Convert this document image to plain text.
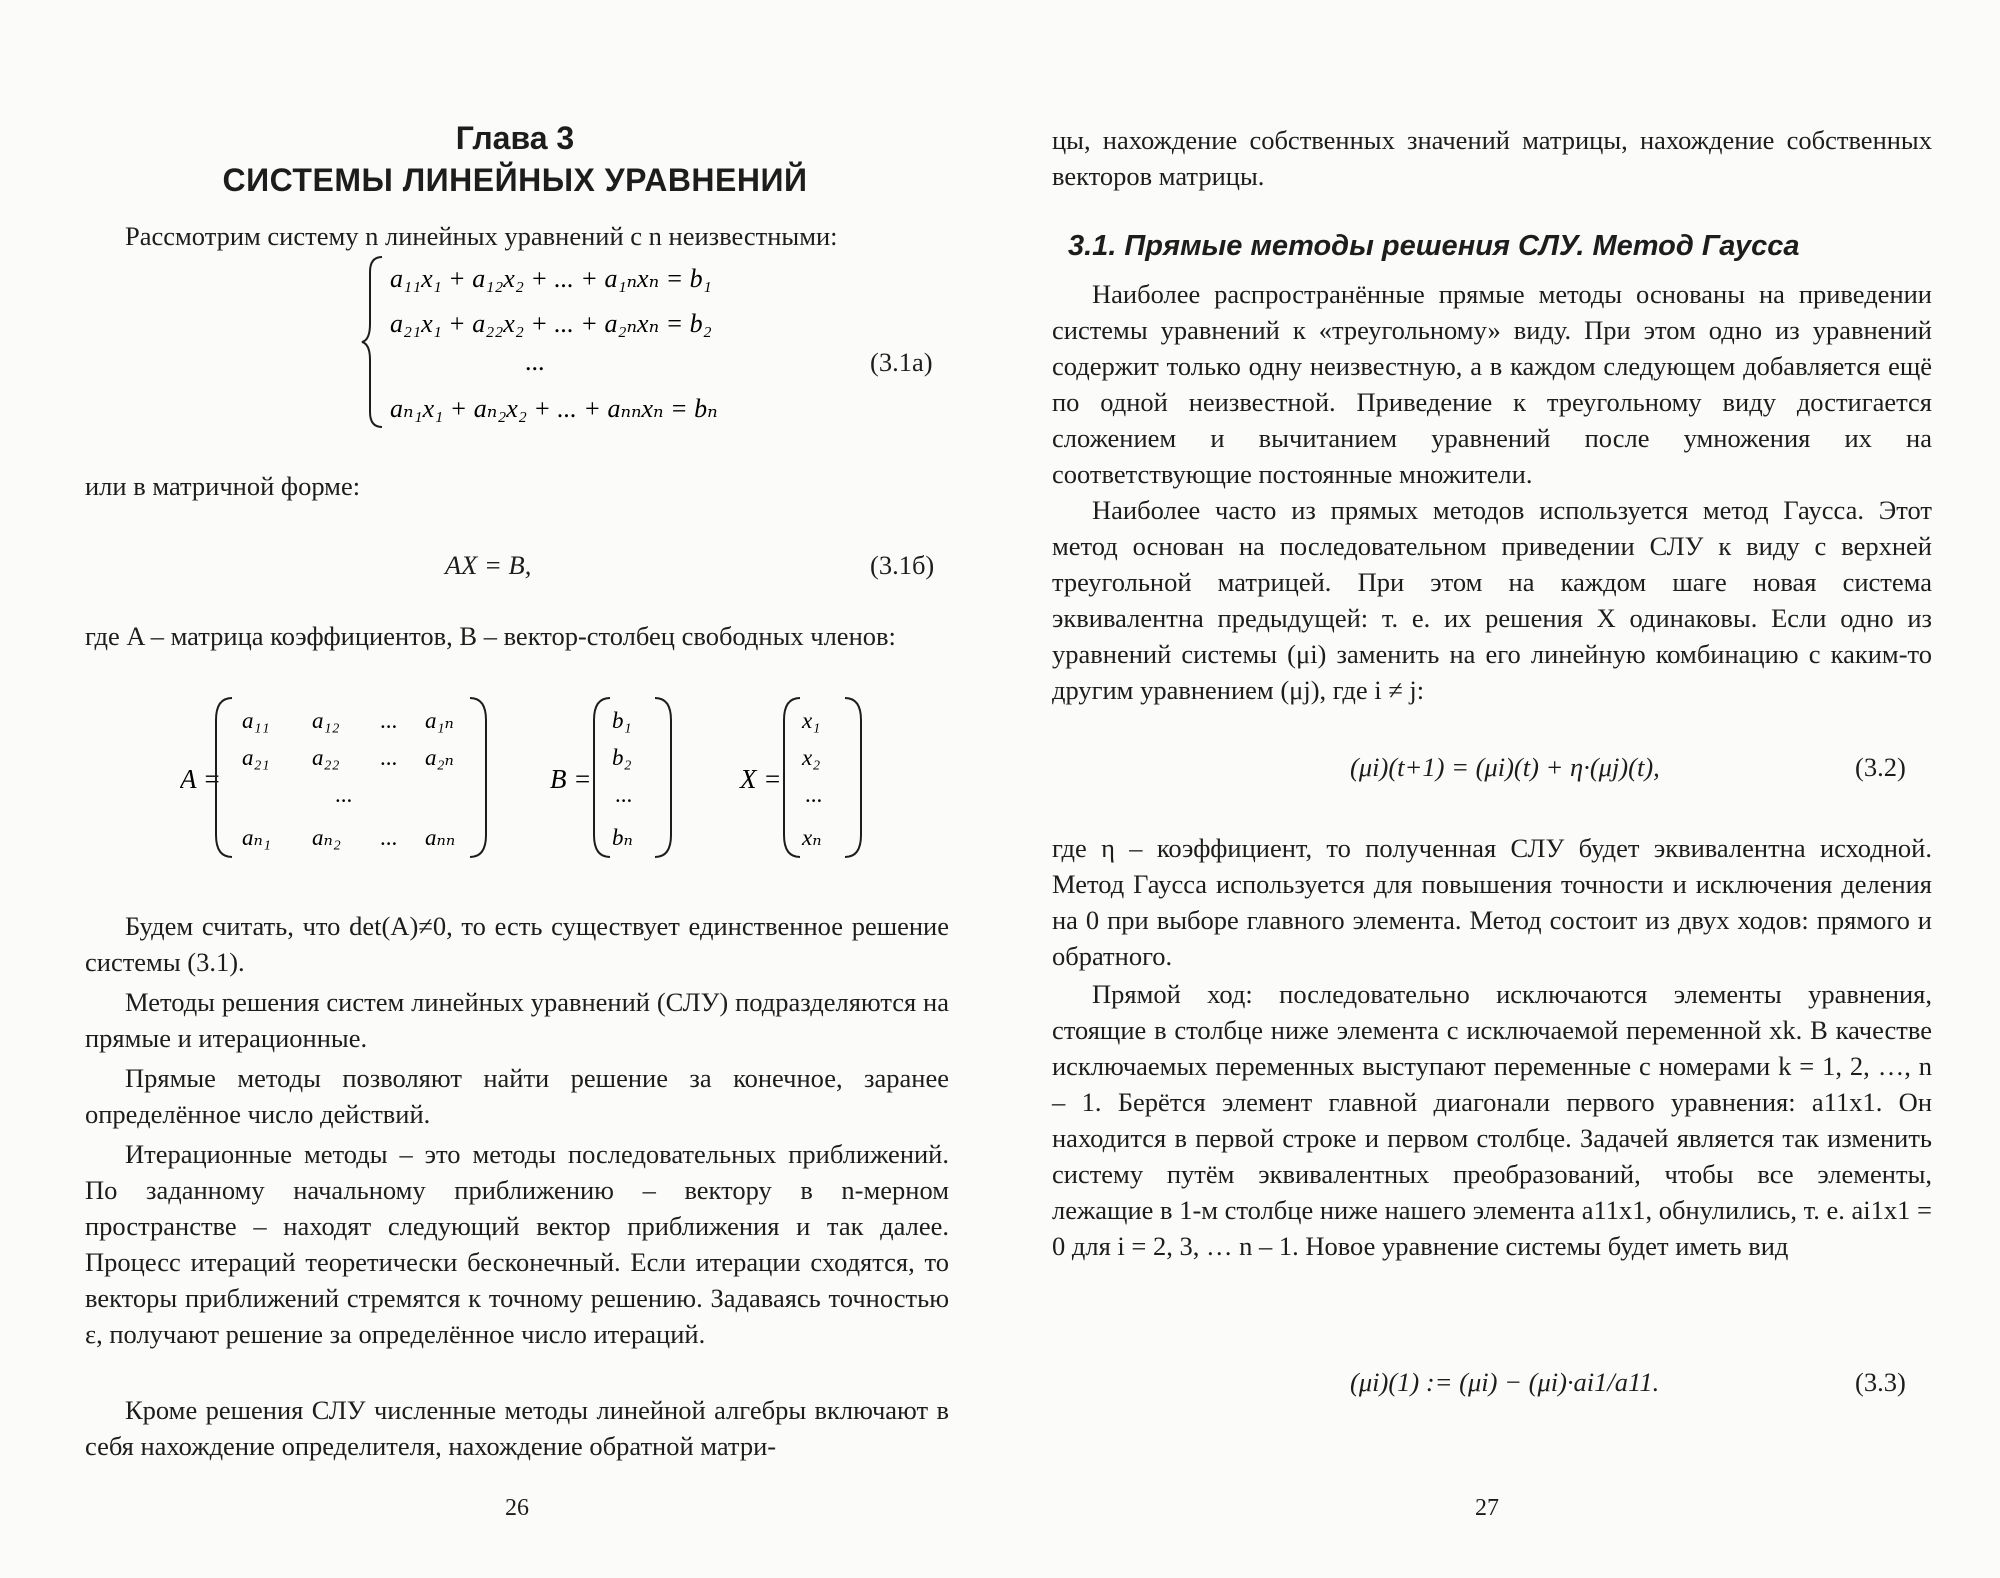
Глава 3
СИСТЕМЫ ЛИНЕЙНЫХ УРАВНЕНИЙ

Рассмотрим систему n линейных уравнений с n неизвестными:

a₁₁x₁ + a₁₂x₂ + ... + a₁ₙxₙ = b₁
a₂₁x₁ + a₂₂x₂ + ... + a₂ₙxₙ = b₂
...
aₙ₁x₁ + aₙ₂x₂ + ... + aₙₙxₙ = bₙ
(3.1а)

или в матричной форме:

AX = B,	(3.1б)

где A – матрица коэффициентов, B – вектор-столбец свободных членов:

A =
a₁₁ a₁₂ ... a₁ₙ
a₂₁ a₂₂ ... a₂ₙ
...
aₙ₁ aₙ₂ ... aₙₙ
B =
b₁
b₂
...
bₙ
X =
x₁
x₂
...
xₙ

Будем считать, что det(A)≠0, то есть существует единственное решение системы (3.1).

Методы решения систем линейных уравнений (СЛУ) подразделяются на прямые и итерационные.

Прямые методы позволяют найти решение за конечное, заранее определённое число действий.

Итерационные методы – это методы последовательных приближений. По заданному начальному приближению – вектору в n-мерном пространстве – находят следующий вектор приближения и так далее. Процесс итераций теоретически бесконечный. Если итерации сходятся, то векторы приближений стремятся к точному решению. Задаваясь точностью ε, получают решение за определённое число итераций.

Кроме решения СЛУ численные методы линейной алгебры включают в себя нахождение определителя, нахождение обратной матри-

26

цы, нахождение собственных значений матрицы, нахождение собственных векторов матрицы.

3.1. Прямые методы решения СЛУ. Метод Гаусса

Наиболее распространённые прямые методы основаны на приведении системы уравнений к «треугольному» виду. При этом одно из уравнений содержит только одну неизвестную, а в каждом следующем добавляется ещё по одной неизвестной. Приведение к треугольному виду достигается сложением и вычитанием уравнений после умножения их на соответствующие постоянные множители.

Наиболее часто из прямых методов используется метод Гаусса. Этот метод основан на последовательном приведении СЛУ к виду с верхней треугольной матрицей. При этом на каждом шаге новая система эквивалентна предыдущей: т. е. их решения X одинаковы. Если одно из уравнений системы (μi) заменить на его линейную комбинацию с каким-то другим уравнением (μj), где i ≠ j:

(μi)(t+1) = (μi)(t) + η·(μj)(t),	(3.2)

где η – коэффициент, то полученная СЛУ будет эквивалентна исходной. Метод Гаусса используется для повышения точности и исключения деления на 0 при выборе главного элемента. Метод состоит из двух ходов: прямого и обратного.

Прямой ход: последовательно исключаются элементы уравнения, стоящие в столбце ниже элемента с исключаемой переменной xk. В качестве исключаемых переменных выступают переменные с номерами k = 1, 2, …, n – 1. Берётся элемент главной диагонали первого уравнения: a11x1. Он находится в первой строке и первом столбце. Задачей является так изменить систему путём эквивалентных преобразований, чтобы все элементы, лежащие в 1-м столбце ниже нашего элемента a11x1, обнулились, т. е. ai1x1 = 0 для i = 2, 3, … n – 1. Новое уравнение системы будет иметь вид

(μi)(1) := (μi) − (μi)·ai1/a11.	(3.3)
27
